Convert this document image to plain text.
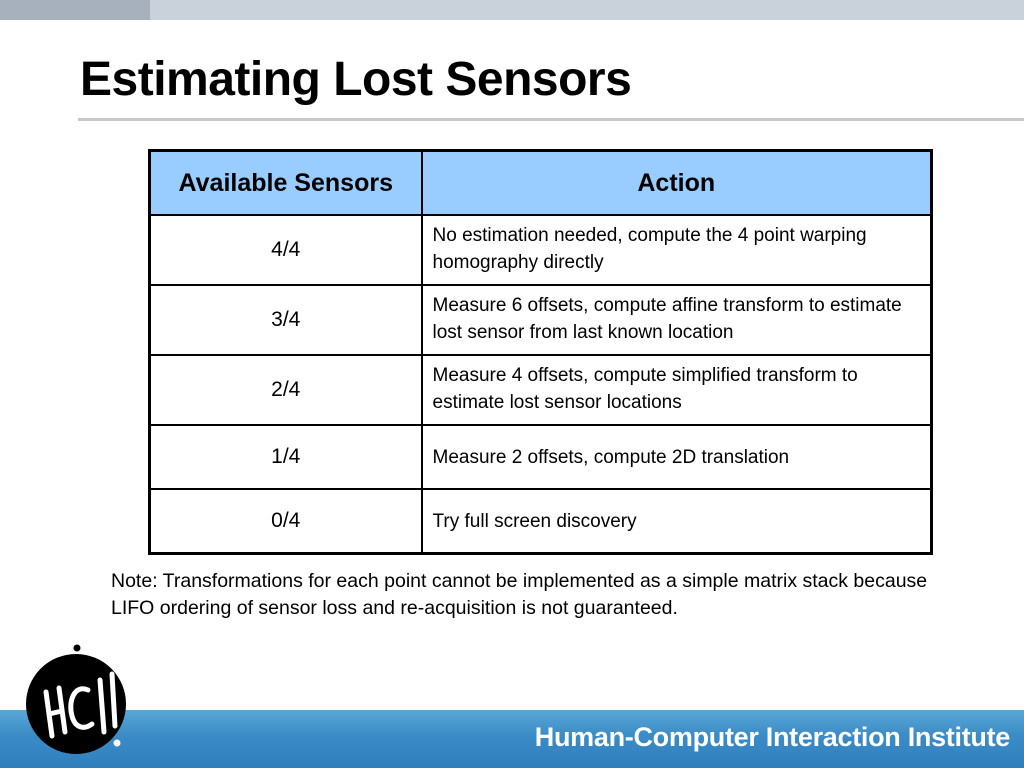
Estimating Lost Sensors
Available Sensors	Action
4/4	No estimation needed, compute the 4 point warping homography directly
3/4	Measure 6 offsets, compute affine transform to estimate lost sensor from last known location
2/4	Measure 4 offsets, compute simplified transform to estimate lost sensor locations
1/4	Measure 2 offsets, compute 2D translation
0/4	Try full screen discovery

Note: Transformations for each point cannot be implemented as a simple matrix stack because LIFO ordering of sensor loss and re-acquisition is not guaranteed.

Human-Computer Interaction Institute
